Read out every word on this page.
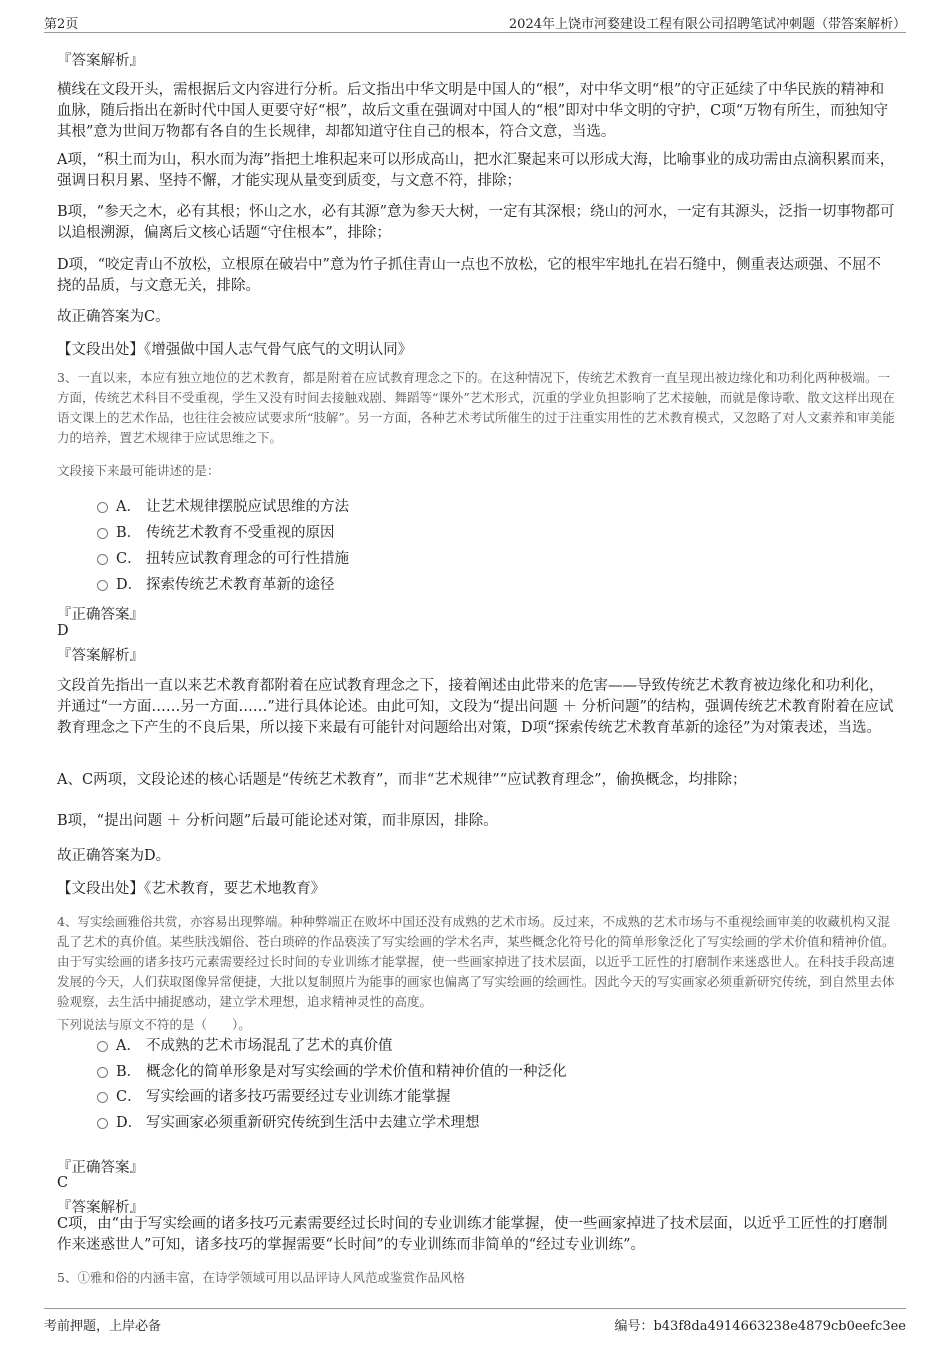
第2页	2024年上饶市河婺建设工程有限公司招聘笔试冲刺题（带答案解析）
『答案解析』

横线在文段开头，需根据后文内容进行分析。后文指出中华文明是中国人的“根”，对中华文明“根”的守正延续了中华民族的精神和血脉，随后指出在新时代中国人更要守好“根”，故后文重在强调对中国人的“根”即对中华文明的守护，C项“万物有所生，而独知守其根”意为世间万物都有各自的生长规律，却都知道守住自己的根本，符合文意，当选。

A项，“积土而为山，积水而为海”指把土堆积起来可以形成高山，把水汇聚起来可以形成大海，比喻事业的成功需由点滴积累而来，强调日积月累、坚持不懈，才能实现从量变到质变，与文意不符，排除；

B项，“参天之木，必有其根；怀山之水，必有其源”意为参天大树，一定有其深根；绕山的河水，一定有其源头，泛指一切事物都可以追根溯源，偏离后文核心话题“守住根本”，排除；

D项，“咬定青山不放松，立根原在破岩中”意为竹子抓住青山一点也不放松，它的根牢牢地扎在岩石缝中，侧重表达顽强、不屈不挠的品质，与文意无关，排除。

故正确答案为C。

【文段出处】《增强做中国人志气骨气底气的文明认同》

3、一直以来，本应有独立地位的艺术教育，都是附着在应试教育理念之下的。在这种情况下，传统艺术教育一直呈现出被边缘化和功利化两种极端。一方面，传统艺术科目不受重视，学生又没有时间去接触戏剧、舞蹈等“课外”艺术形式，沉重的学业负担影响了艺术接触，而就是像诗歌、散文这样出现在语文课上的艺术作品，也往往会被应试要求所“肢解”。另一方面，各种艺术考试所催生的过于注重实用性的艺术教育模式，又忽略了对人文素养和审美能力的培养，置艺术规律于应试思维之下。

文段接下来最可能讲述的是：

A． 让艺术规律摆脱应试思维的方法
B． 传统艺术教育不受重视的原因
C． 扭转应试教育理念的可行性措施
D． 探索传统艺术教育革新的途径
『正确答案』
D
『答案解析』

文段首先指出一直以来艺术教育都附着在应试教育理念之下，接着阐述由此带来的危害——导致传统艺术教育被边缘化和功利化，并通过“一方面……另一方面……”进行具体论述。由此可知，文段为“提出问题 ＋ 分析问题”的结构，强调传统艺术教育附着在应试教育理念之下产生的不良后果，所以接下来最有可能针对问题给出对策，D项“探索传统艺术教育革新的途径”为对策表述，当选。

A、C两项，文段论述的核心话题是“传统艺术教育”，而非“艺术规律”“应试教育理念”，偷换概念，均排除；

B项，“提出问题 ＋ 分析问题”后最可能论述对策，而非原因，排除。

故正确答案为D。

【文段出处】《艺术教育，要艺术地教育》

4、写实绘画雅俗共赏，亦容易出现弊端。种种弊端正在败坏中国还没有成熟的艺术市场。反过来，不成熟的艺术市场与不重视绘画审美的收藏机构又混乱了艺术的真价值。某些肤浅媚俗、苍白琐碎的作品亵渎了写实绘画的学术名声，某些概念化符号化的简单形象泛化了写实绘画的学术价值和精神价值。由于写实绘画的诸多技巧元素需要经过长时间的专业训练才能掌握，使一些画家掉进了技术层面，以近乎工匠性的打磨制作来迷惑世人。在科技手段高速发展的今天，人们获取图像异常便捷，大批以复制照片为能事的画家也偏离了写实绘画的绘画性。因此今天的写实画家必须重新研究传统，到自然里去体验观察，去生活中捕捉感动，建立学术理想，追求精神灵性的高度。

下列说法与原文不符的是（　　）。

A． 不成熟的艺术市场混乱了艺术的真价值
B． 概念化的简单形象是对写实绘画的学术价值和精神价值的一种泛化
C． 写实绘画的诸多技巧需要经过专业训练才能掌握
D． 写实画家必须重新研究传统到生活中去建立学术理想
『正确答案』
C
『答案解析』

C项，由“由于写实绘画的诸多技巧元素需要经过长时间的专业训练才能掌握，使一些画家掉进了技术层面，以近乎工匠性的打磨制作来迷惑世人”可知，诸多技巧的掌握需要“长时间”的专业训练而非简单的“经过专业训练”。

5、①雅和俗的内涵丰富，在诗学领域可用以品评诗人风范或鉴赏作品风格

考前押题，上岸必备	编号：b43f8da4914663238e4879cb0eefc3ee
